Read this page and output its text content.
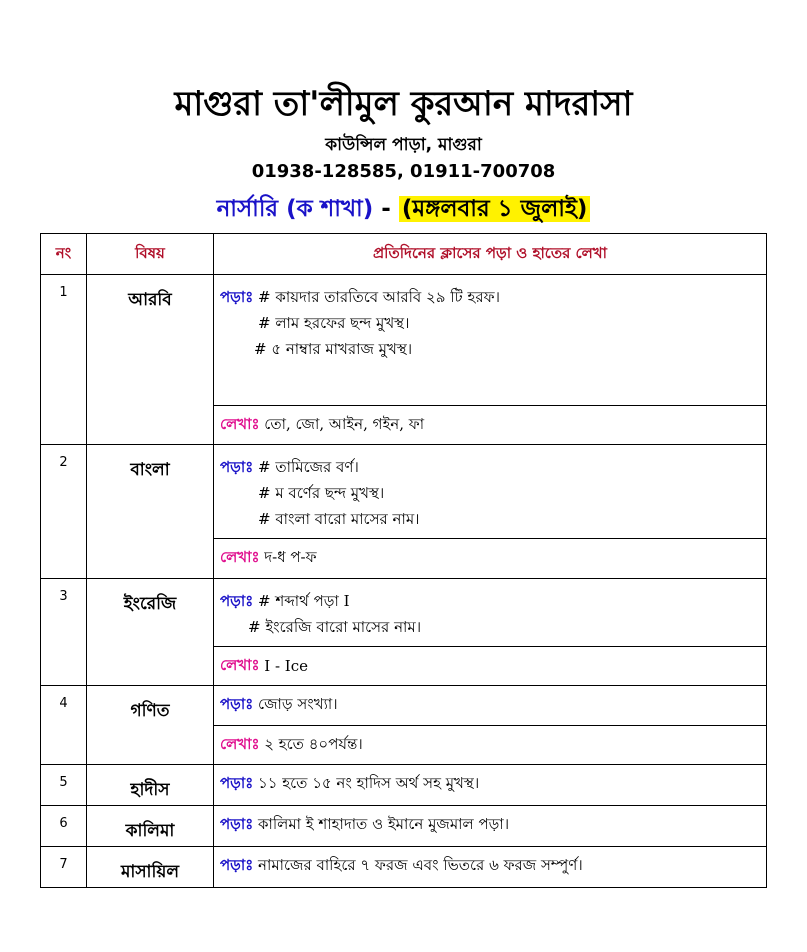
মাগুরা তা'লীমুল কুরআন মাদরাসা
কাউন্সিল পাড়া, মাগুরা
01938-128585, 01911-700708
নার্সারি (ক শাখা) - (মঙ্গলবার ১ জুলাই)
নং	বিষয়	প্রতিদিনের ক্লাসের পড়া ও হাতের লেখা
1	আরবি	পড়াঃ # কায়দার তারতিবে আরবি ২৯ টি হরফ।
# লাম হরফের ছন্দ মুখস্থ।
# ৫ নাম্বার মাখরাজ মুখস্থ।

		লেখাঃ
তো, জো, আইন, গইন, ফা

2	বাংলা	পড়াঃ # তামিজের বর্ণ।
# ম বর্ণের ছন্দ মুখস্থ।
# বাংলা বারো মাসের নাম।

		লেখাঃ
দ-ধ প-ফ

3	ইংরেজি	পড়াঃ # শব্দার্থ পড়া I
# ইংরেজি বারো মাসের নাম।

		লেখাঃ
I - Ice

4	গণিত	পড়াঃ
জোড় সংখ্যা।

		লেখাঃ
২ হতে ৪০পর্যন্ত।

5	হাদীস	পড়াঃ
১১ হতে ১৫ নং হাদিস অর্থ সহ মুখস্থ।

6	কালিমা	পড়াঃ
কালিমা ই শাহাদাত ও ইমানে মুজমাল পড়া।

7	মাসায়িল	পড়াঃ
নামাজের বাহিরে ৭ ফরজ এবং ভিতরে ৬ ফরজ সম্পুর্ণ।
